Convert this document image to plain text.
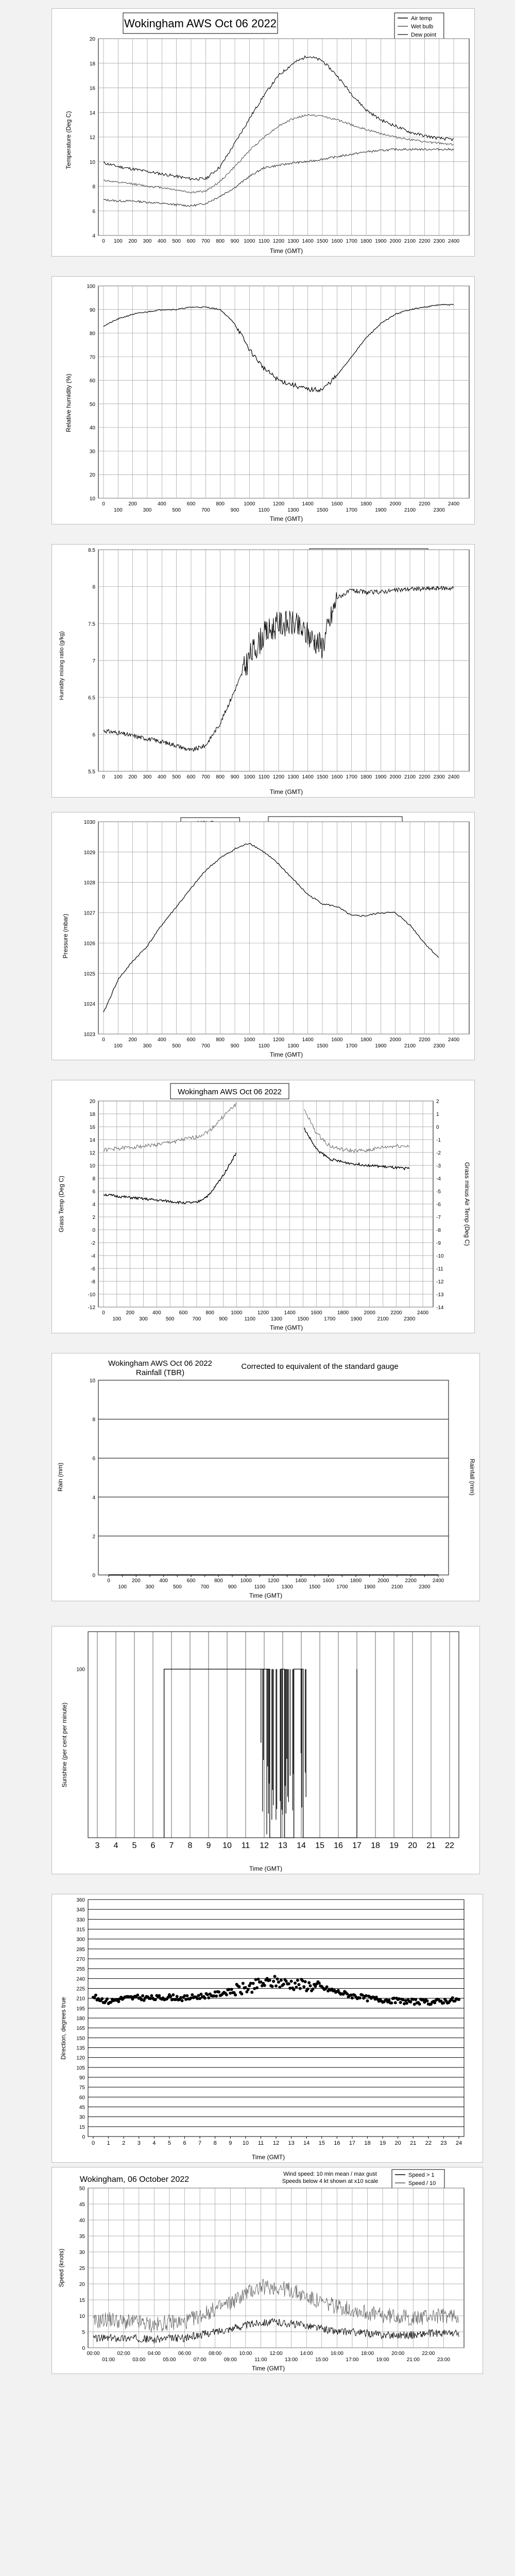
Wokingham AWS Oct 06 2022
Temperature (Deg C)
Time (GMT)
Air temp
Wet bulb
Dew point
4
6
8
10
12
14
16
18
20
0 100 200 300 400 500 600 700 800 900 1000 1100 1200 1300 1400 1500 1600 1700 1800 1900 2000 2100 2200 2300 2400
Relative humidity (%)
Time (GMT)
10
20
30
40
50
60
70
80
90
100
0
100
200
300
400
500
600
700
800
900
1000
1100
1200
1300
1400
1500
1600
1700
1800
1900
2000
2100
2200
2300
2400
Humidity mixing ratio (g/kg)
Time (GMT)
5.5
6
6.5
7
7.5
8
8.5
0 100 200 300 400 500 600 700 800 900 1000 1100 1200 1300 1400 1500 1600 1700 1800 1900 2000 2100 2200 2300 2400
Pressure (mbar)
Time (GMT)
1023
1024
1025
1026
1027
1028
1029
1030
0
100
200
300
400
500
600
700
800
900
1000
1100
1200
1300
1400
1500
1600
1700
1800
1900
2000
2100
2200
2300
2400
Wokingham AWS Oct 06 2022
Grass Temp (Deg C)	Grass minus Air Temp (Deg C)
Time (GMT)
-12
-10
-8
-6
-4
-2
0
2
4
6
8
10
12
14
16
18
20
-14
-13
-12
-11
-10
-9
-8
-7
-6
-5
-4
-3
-2
-1
0
1
2
0
100
200
300
400
500
600
700
800
900
1000
1100
1200
1300
1400
1500
1600
1700
1800
1900
2000
2100
2200
2300
2400
Wokingham AWS Oct 06 2022
Rainfall (TBR)
Corrected to equivalent of the standard gauge
Rain (mm)	Rainfall (mm)
Time (GMT)
0
2
4
6
8
10
0
100
200
300
400
500
600
700
800
900
1000
1100
1200
1300
1400
1500
1600
1700
1800
1900
2000
2100
2200
2300
2400
Sunshine (per cent per minute)
Time (GMT)
3 4 5 6 7 8 9 10 11 12 13 14 15 16 17 18 19 20 21 22
100
Direction, degrees true
Time (GMT)
0
15
30
45
60
75
90
105
120
135
150
165
180
195
210
225
240
255
270
285
300
315
330
345
360
0 1 2 3 4 5 6 7 8 9 10 11 12 13 14 15 16 17 18 19 20 21 22 23 24
Wokingham, 06 October 2022
Wind speed: 10 min mean / max gust
Speeds below 4 kt shown at x10 scale
Speed (knots)
Time (GMT)
Speed > 1
Speed / 10
0
5
10
15
20
25
30
35
40
45
50
00:00	02:00	04:00	06:00	08:00	10:00	12:00	14:00	16:00	18:00	20:00	22:00
01:00	03:00	05:00	07:00	09:00	11:00	13:00	15:00	17:00	19:00	21:00	23:00
